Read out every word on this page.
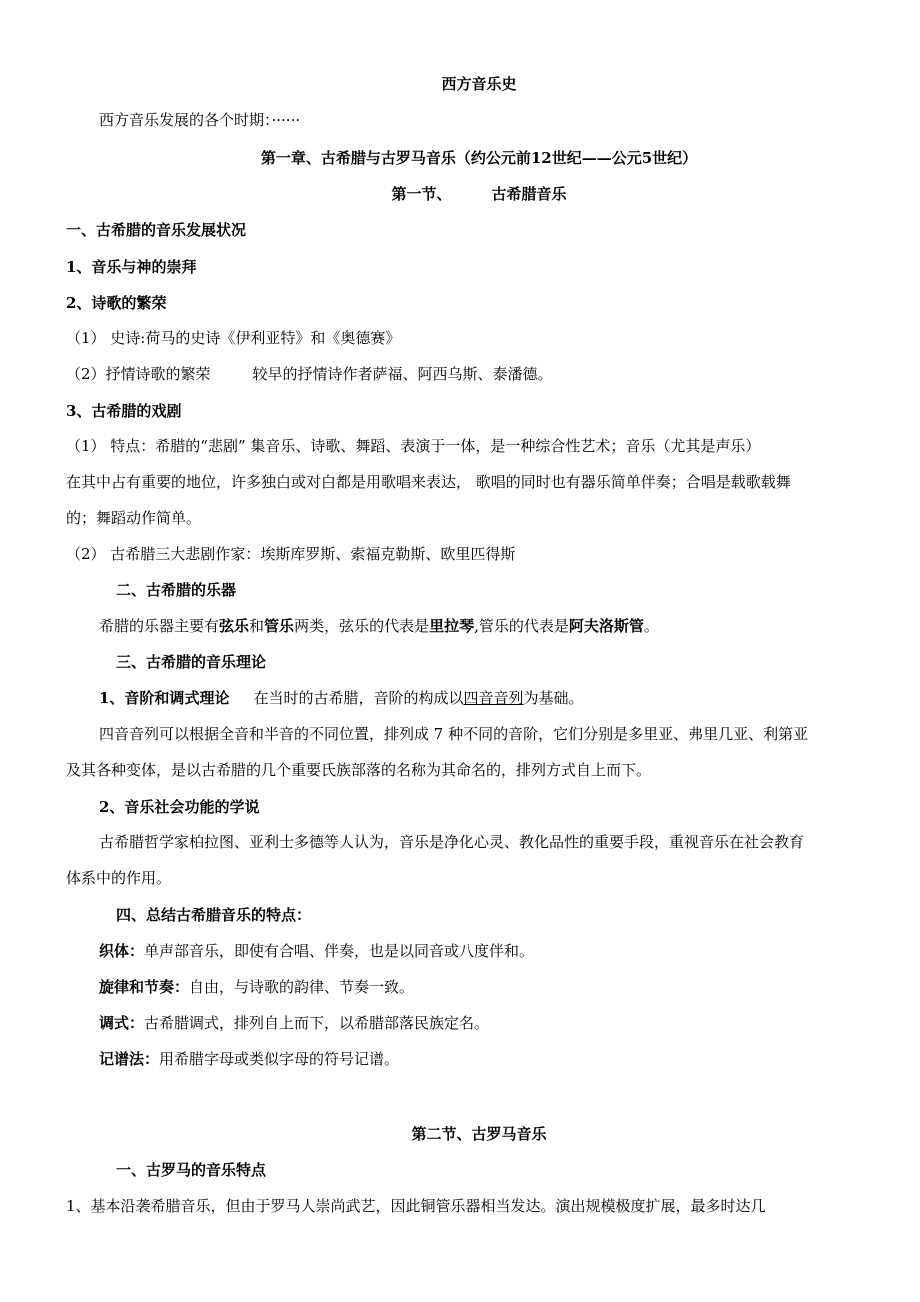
西方音乐史
西方音乐发展的各个时期：······
第一章、古希腊与古罗马音乐（约公元前12世纪——公元5世纪）
第一节、	古希腊音乐
一、古希腊的音乐发展状况
1、音乐与神的崇拜
2、诗歌的繁荣
（1） 史诗:荷马的史诗《伊利亚特》和《奥德赛》
（2）抒情诗歌的繁荣	较早的抒情诗作者萨福、阿西乌斯、泰潘德。
3、古希腊的戏剧
（1） 特点：希腊的“悲剧” 集音乐、诗歌、舞蹈、表演于一体，是一种综合性艺术；音乐（尤其是声乐）
在其中占有重要的地位，许多独白或对白都是用歌唱来表达， 歌唱的同时也有器乐简单伴奏；合唱是载歌载舞
的；舞蹈动作简单。
（2） 古希腊三大悲剧作家：埃斯库罗斯、索福克勒斯、欧里匹得斯
二、古希腊的乐器
希腊的乐器主要有弦乐和管乐两类，弦乐的代表是里拉琴,管乐的代表是阿夫洛斯管。
三、古希腊的音乐理论
1、音阶和调式理论 在当时的古希腊，音阶的构成以四音音列为基础。
四音音列可以根据全音和半音的不同位置，排列成 7 种不同的音阶，它们分别是多里亚、弗里几亚、利第亚
及其各种变体，是以古希腊的几个重要氏族部落的名称为其命名的，排列方式自上而下。
2、音乐社会功能的学说
古希腊哲学家柏拉图、亚利士多德等人认为，音乐是净化心灵、教化品性的重要手段，重视音乐在社会教育
体系中的作用。
四、总结古希腊音乐的特点：
织体：单声部音乐，即使有合唱、伴奏，也是以同音或八度伴和。
旋律和节奏：自由，与诗歌的韵律、节奏一致。
调式：古希腊调式，排列自上而下，以希腊部落民族定名。
记谱法：用希腊字母或类似字母的符号记谱。
第二节、古罗马音乐
一、古罗马的音乐特点
1、基本沿袭希腊音乐，但由于罗马人崇尚武艺，因此铜管乐器相当发达。演出规模极度扩展，最多时达几
